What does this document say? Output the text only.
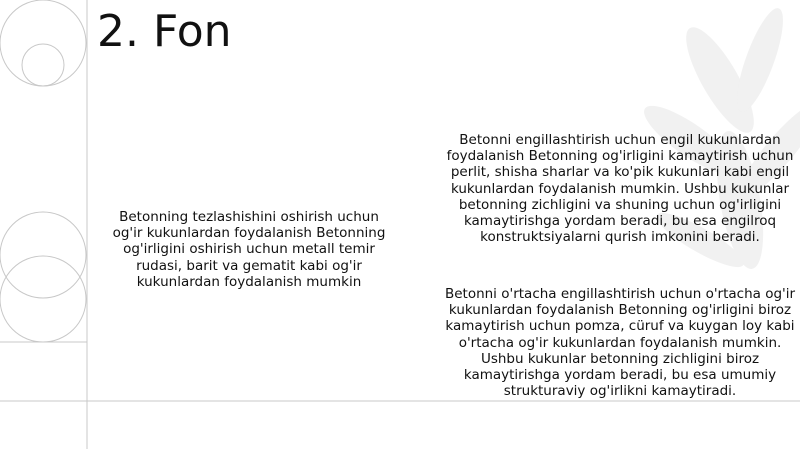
2. Fon
Betonning tezlashishini oshirish uchun og'ir kukunlardan foydalanish Betonning og'irligini oshirish uchun metall temir rudasi, barit va gematit kabi og'ir kukunlardan foydalanish mumkin
Betonni engillashtirish uchun engil kukunlardan foydalanish Betonning og'irligini kamaytirish uchun perlit, shisha sharlar va ko'pik kukunlari kabi engil kukunlardan foydalanish mumkin. Ushbu kukunlar betonning zichligini va shuning uchun og'irligini kamaytirishga yordam beradi, bu esa engilroq konstruktsiyalarni qurish imkonini beradi.
Betonni o'rtacha engillashtirish uchun o'rtacha og'ir kukunlardan foydalanish Betonning og'irligini biroz kamaytirish uchun pomza, cüruf va kuygan loy kabi o'rtacha og'ir kukunlardan foydalanish mumkin. Ushbu kukunlar betonning zichligini biroz kamaytirishga yordam beradi, bu esa umumiy strukturaviy og'irlikni kamaytiradi.
